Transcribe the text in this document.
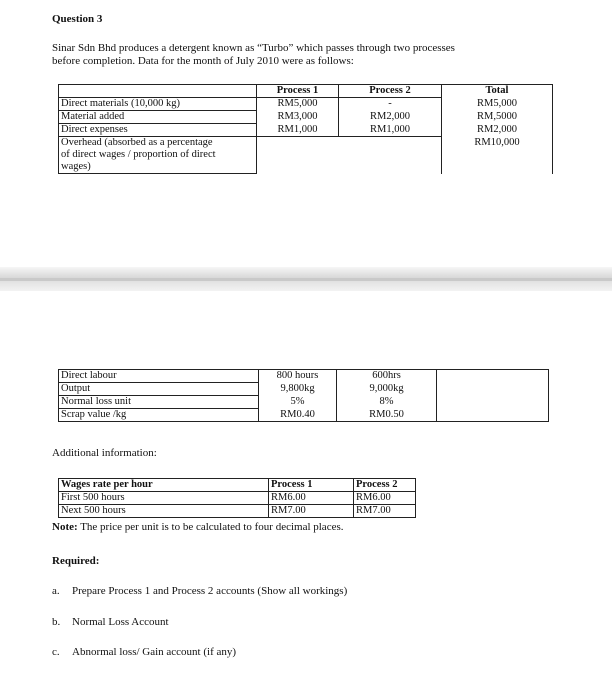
Question 3
Sinar Sdn Bhd produces a detergent known as “Turbo” which passes through two processes
before completion. Data for the month of July 2010 were as follows:
	Process 1	Process 2	Total
Direct materials (10,000 kg)	RM5,000	-	RM5,000
Material added	RM3,000	RM2,000	RM,5000
Direct expenses	RM1,000	RM1,000	RM2,000

Overhead (absorbed as a percentage
of direct wages / proportion of direct
wages)			RM10,000
Direct labour	800 hours	600hrs	
Output	9,800kg	9,000kg	
Normal loss unit	5%	8%	
Scrap value /kg	RM0.40	RM0.50	
Additional information:
Wages rate per hour	Process 1	Process 2
First 500 hours	RM6.00	RM6.00
Next 500 hours	RM7.00	RM7.00
Note: The price per unit is to be calculated to four decimal places.
Required:
a. Prepare Process 1 and Process 2 accounts (Show all workings)
b. Normal Loss Account
c. Abnormal loss/ Gain account (if any)
